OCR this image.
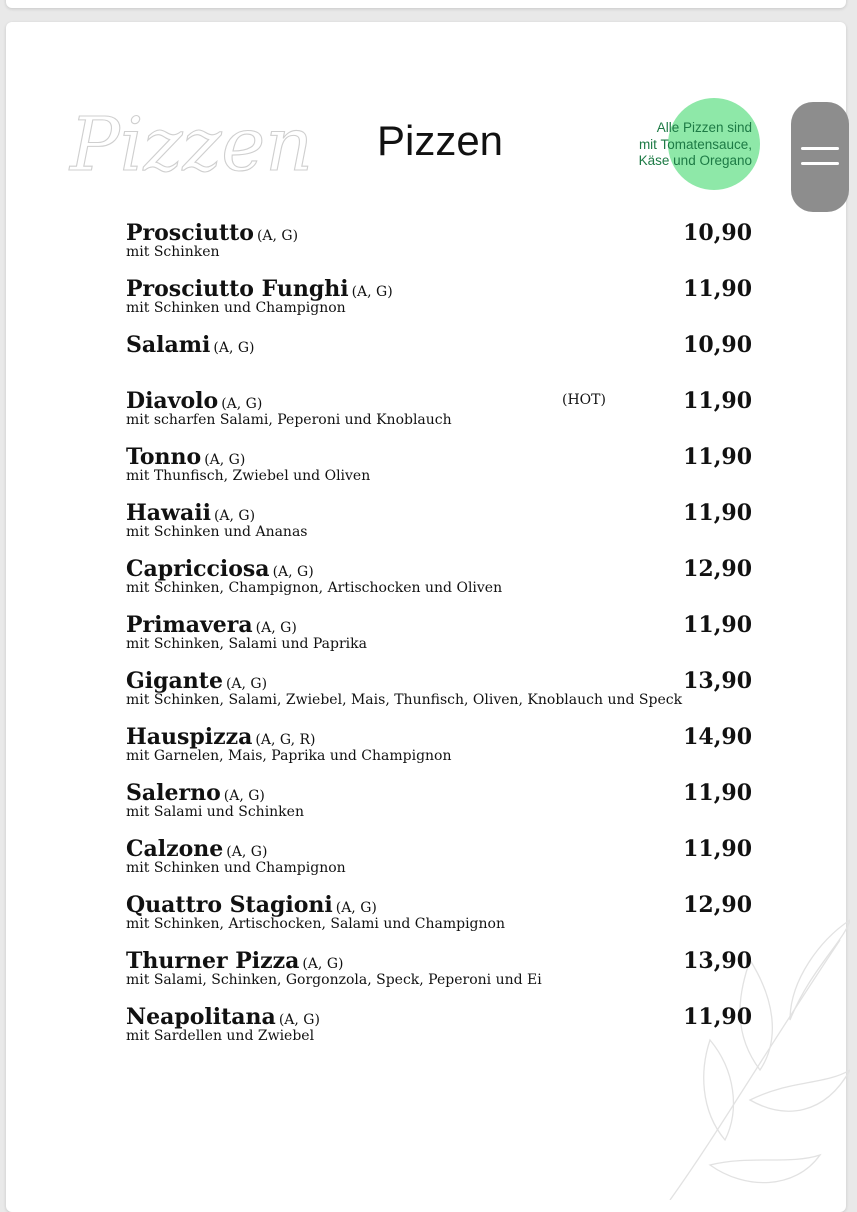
Pizzen	Pizzen	Alle Pizzen sind
mit Tomatensauce,
Käse und Oregano
Prosciutto (A, G)	10,90
mit Schinken
Prosciutto Funghi (A, G)	11,90
mit Schinken und Champignon
Salami (A, G)	10,90
Diavolo (A, G)	(HOT)	11,90
mit scharfen Salami, Peperoni und Knoblauch
Tonno (A, G)	11,90
mit Thunfisch, Zwiebel und Oliven
Hawaii (A, G)	11,90
mit Schinken und Ananas
Capricciosa (A, G)	12,90
mit Schinken, Champignon, Artischocken und Oliven
Primavera (A, G)	11,90
mit Schinken, Salami und Paprika
Gigante (A, G)	13,90
mit Schinken, Salami, Zwiebel, Mais, Thunfisch, Oliven, Knoblauch und Speck
Hauspizza (A, G, R)	14,90
mit Garnelen, Mais, Paprika und Champignon
Salerno (A, G)	11,90
mit Salami und Schinken
Calzone (A, G)	11,90
mit Schinken und Champignon
Quattro Stagioni (A, G)	12,90
mit Schinken, Artischocken, Salami und Champignon
Thurner Pizza (A, G)	13,90
mit Salami, Schinken, Gorgonzola, Speck, Peperoni und Ei
Neapolitana (A, G)	11,90
mit Sardellen und Zwiebel
